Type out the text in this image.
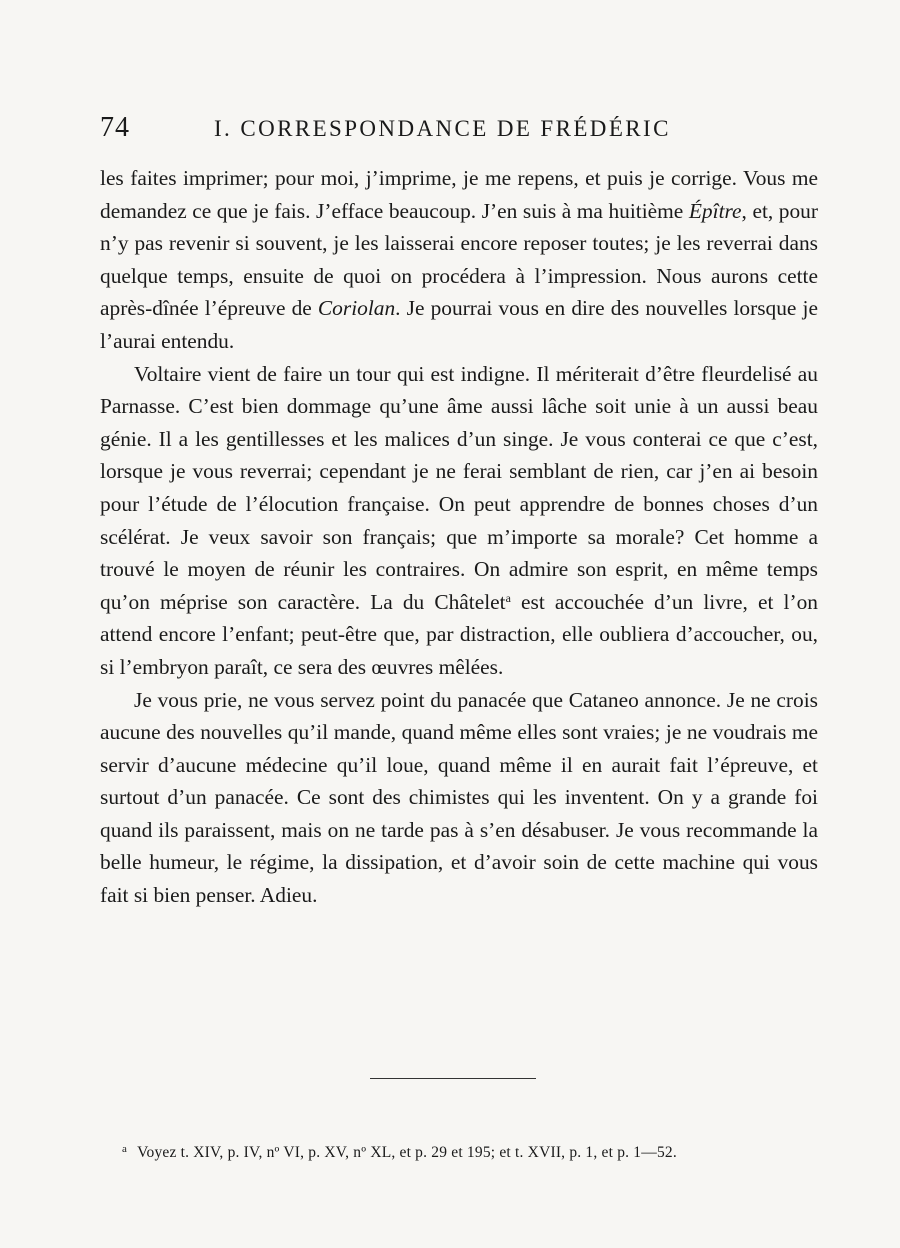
74	I. CORRESPONDANCE DE FRÉDÉRIC

les faites imprimer; pour moi, j’imprime, je me repens, et puis je corrige. Vous me demandez ce que je fais. J’efface beaucoup. J’en suis à ma huitième Épître, et, pour n’y pas revenir si souvent, je les laisserai encore reposer toutes; je les reverrai dans quelque temps, ensuite de quoi on procédera à l’impression. Nous aurons cette après-dînée l’épreuve de Coriolan. Je pourrai vous en dire des nouvelles lorsque je l’aurai entendu.

Voltaire vient de faire un tour qui est indigne. Il mériterait d’être fleurdelisé au Parnasse. C’est bien dommage qu’une âme aussi lâche soit unie à un aussi beau génie. Il a les gentillesses et les malices d’un singe. Je vous conterai ce que c’est, lorsque je vous reverrai; cependant je ne ferai semblant de rien, car j’en ai besoin pour l’étude de l’élocution française. On peut apprendre de bonnes choses d’un scélérat. Je veux savoir son français; que m’importe sa morale? Cet homme a trouvé le moyen de réunir les contraires. On admire son esprit, en même temps qu’on méprise son caractère. La du Châtelet$^a$ est accouchée d’un livre, et l’on attend encore l’enfant; peut-être que, par distraction, elle oubliera d’accoucher, ou, si l’embryon paraît, ce sera des œuvres mêlées.

Je vous prie, ne vous servez point du panacée que Cataneo annonce. Je ne crois aucune des nouvelles qu’il mande, quand même elles sont vraies; je ne voudrais me servir d’aucune médecine qu’il loue, quand même il en aurait fait l’épreuve, et surtout d’un panacée. Ce sont des chimistes qui les inventent. On y a grande foi quand ils paraissent, mais on ne tarde pas à s’en désabuser. Je vous recommande la belle humeur, le régime, la dissipation, et d’avoir soin de cette machine qui vous fait si bien penser. Adieu.

$^a$ Voyez t. XIV, p. IV, nº VI, p. XV, nº XL, et p. 29 et 195; et t. XVII, p. 1, et p. 1—52.
